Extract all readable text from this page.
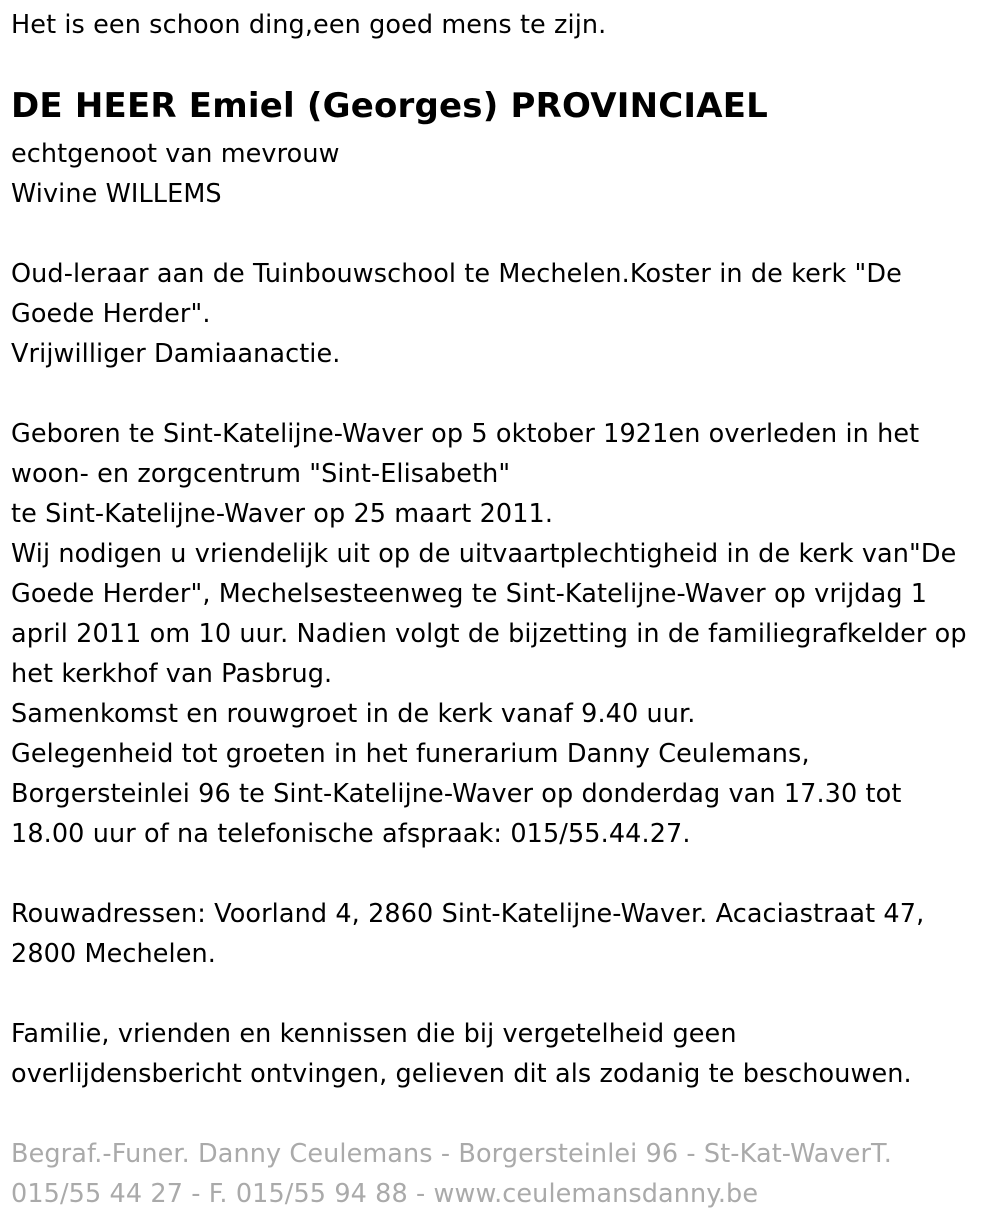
Het is een schoon ding,een goed mens te zijn.
DE HEER Emiel (Georges) PROVINCIAEL
echtgenoot van mevrouw
Wivine WILLEMS
Oud-leraar aan de Tuinbouwschool te Mechelen.Koster in de kerk "De
Goede Herder".
Vrijwilliger Damiaanactie.
Geboren te Sint-Katelijne-Waver op 5 oktober 1921en overleden in het
woon- en zorgcentrum "Sint-Elisabeth"
te Sint-Katelijne-Waver op 25 maart 2011.
Wij nodigen u vriendelijk uit op de uitvaartplechtigheid in de kerk van"De
Goede Herder", Mechelsesteenweg te Sint-Katelijne-Waver op vrijdag 1
april 2011 om 10 uur. Nadien volgt de bijzetting in de familiegrafkelder op
het kerkhof van Pasbrug.
Samenkomst en rouwgroet in de kerk vanaf 9.40 uur.
Gelegenheid tot groeten in het funerarium Danny Ceulemans,
Borgersteinlei 96 te Sint-Katelijne-Waver op donderdag van 17.30 tot
18.00 uur of na telefonische afspraak: 015/55.44.27.
Rouwadressen: Voorland 4, 2860 Sint-Katelijne-Waver. Acaciastraat 47,
2800 Mechelen.
Familie, vrienden en kennissen die bij vergetelheid geen
overlijdensbericht ontvingen, gelieven dit als zodanig te beschouwen.
Begraf.-Funer. Danny Ceulemans - Borgersteinlei 96 - St-Kat-WaverT.
015/55 44 27 - F. 015/55 94 88 - www.ceulemansdanny.be
